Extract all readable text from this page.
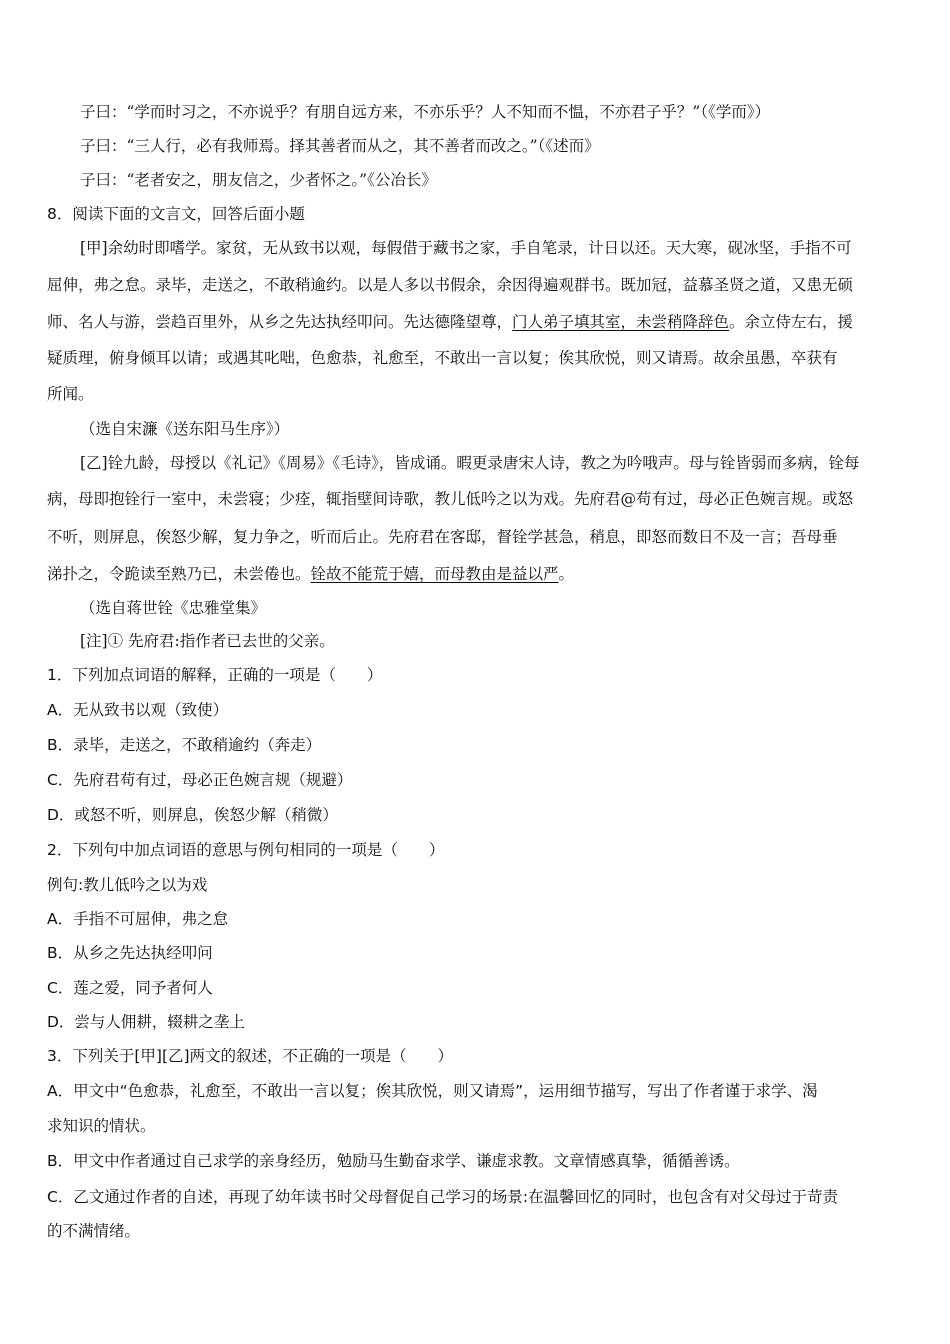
子曰：“学而时习之，不亦说乎？有朋自远方来，不亦乐乎？人不知而不愠，不亦君子乎？”（《学而》）
子曰：“三人行，必有我师焉。择其善者而从之，其不善者而改之。”（《述而》
子曰：“老者安之，朋友信之，少者怀之。”《公冶长》
8．阅读下面的文言文，回答后面小题
[甲]余幼时即嗜学。家贫，无从致书以观，每假借于藏书之家，手自笔录，计日以还。天大寒，砚冰坚，手指不可
屈伸，弗之怠。录毕，走送之，不敢稍逾约。以是人多以书假余，余因得遍观群书。既加冠，益慕圣贤之道，又患无硕
师、名人与游，尝趋百里外，从乡之先达执经叩问。先达德隆望尊，门人弟子填其室，未尝稍降辞色。余立侍左右，援
疑质理，俯身倾耳以请；或遇其叱咄，色愈恭，礼愈至，不敢出一言以复；俟其欣悦，则又请焉。故余虽愚，卒获有
所闻。
（选自宋濂《送东阳马生序》）
[乙]铨九龄，母授以《礼记》《周易》《毛诗》，皆成诵。暇更录唐宋人诗，教之为吟哦声。母与铨皆弱而多病，铨每
病，母即抱铨行一室中，未尝寝；少痊，辄指壁间诗歌，教儿低吟之以为戏。先府君@苟有过，母必正色婉言规。或怒
不听，则屏息，俟怒少解，复力争之，听而后止。先府君在客邸，督铨学甚急，稍息，即怒而数日不及一言；吾母垂
涕扑之，令跪读至熟乃已，未尝倦也。铨故不能荒于嬉，而母教由是益以严。
（选自蒋世铨《忠雅堂集》
[注]① 先府君:指作者已去世的父亲。
1．下列加点词语的解释，正确的一项是（　　）
A．无从致书以观（致使）
B．录毕，走送之，不敢稍逾约（奔走）
C．先府君苟有过，母必正色婉言规（规避）
D．或怒不听，则屏息，俟怒少解（稍微）
2．下列句中加点词语的意思与例句相同的一项是（　　）
例句:教儿低吟之以为戏
A．手指不可屈伸，弗之怠
B．从乡之先达执经叩问
C．莲之爱，同予者何人
D．尝与人佣耕，辍耕之垄上
3．下列关于[甲][乙]两文的叙述，不正确的一项是（　　）
A．甲文中“色愈恭，礼愈至，不敢出一言以复；俟其欣悦，则又请焉”，运用细节描写，写出了作者谨于求学、渴
求知识的情状。
B．甲文中作者通过自己求学的亲身经历，勉励马生勤奋求学、谦虚求教。文章情感真挚，循循善诱。
C．乙文通过作者的自述，再现了幼年读书时父母督促自己学习的场景:在温馨回忆的同时，也包含有对父母过于苛责
的不满情绪。
